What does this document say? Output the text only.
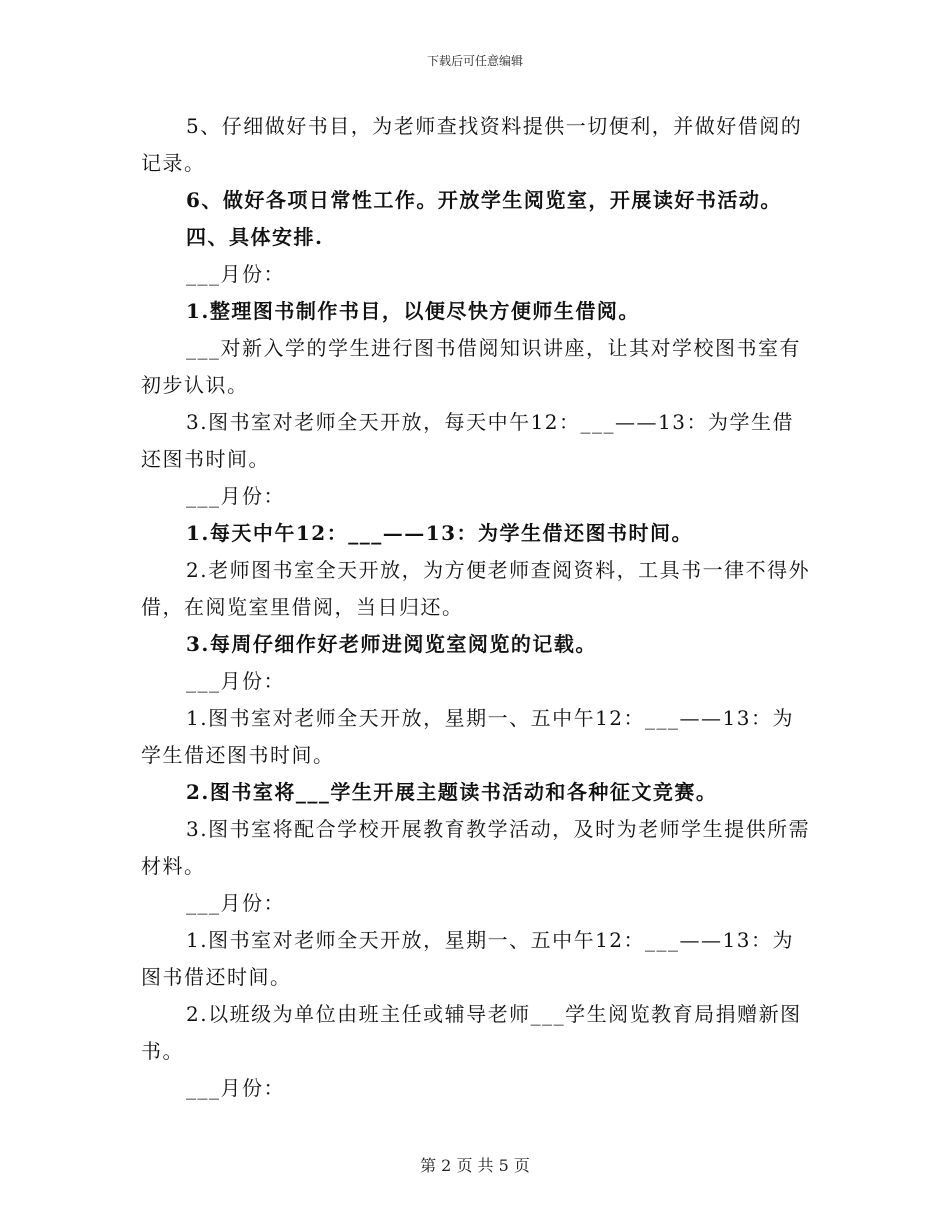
下载后可任意编辑

5、仔细做好书目，为老师查找资料提供一切便利，并做好借阅的记录。

6、做好各项日常性工作。开放学生阅览室，开展读好书活动。

四、具体安排.

___月份：

1.整理图书制作书目，以便尽快方便师生借阅。

___对新入学的学生进行图书借阅知识讲座，让其对学校图书室有初步认识。

3.图书室对老师全天开放，每天中午12：___——13：为学生借还图书时间。

___月份：

1.每天中午12：___——13：为学生借还图书时间。

2.老师图书室全天开放，为方便老师查阅资料，工具书一律不得外借，在阅览室里借阅，当日归还。

3.每周仔细作好老师进阅览室阅览的记载。

___月份：

1.图书室对老师全天开放，星期一、五中午12：___——13：为学生借还图书时间。

2.图书室将___学生开展主题读书活动和各种征文竞赛。

3.图书室将配合学校开展教育教学活动，及时为老师学生提供所需材料。

___月份：

1.图书室对老师全天开放，星期一、五中午12：___——13：为图书借还时间。

2.以班级为单位由班主任或辅导老师___学生阅览教育局捐赠新图书。

___月份：

第 2 页 共 5 页
